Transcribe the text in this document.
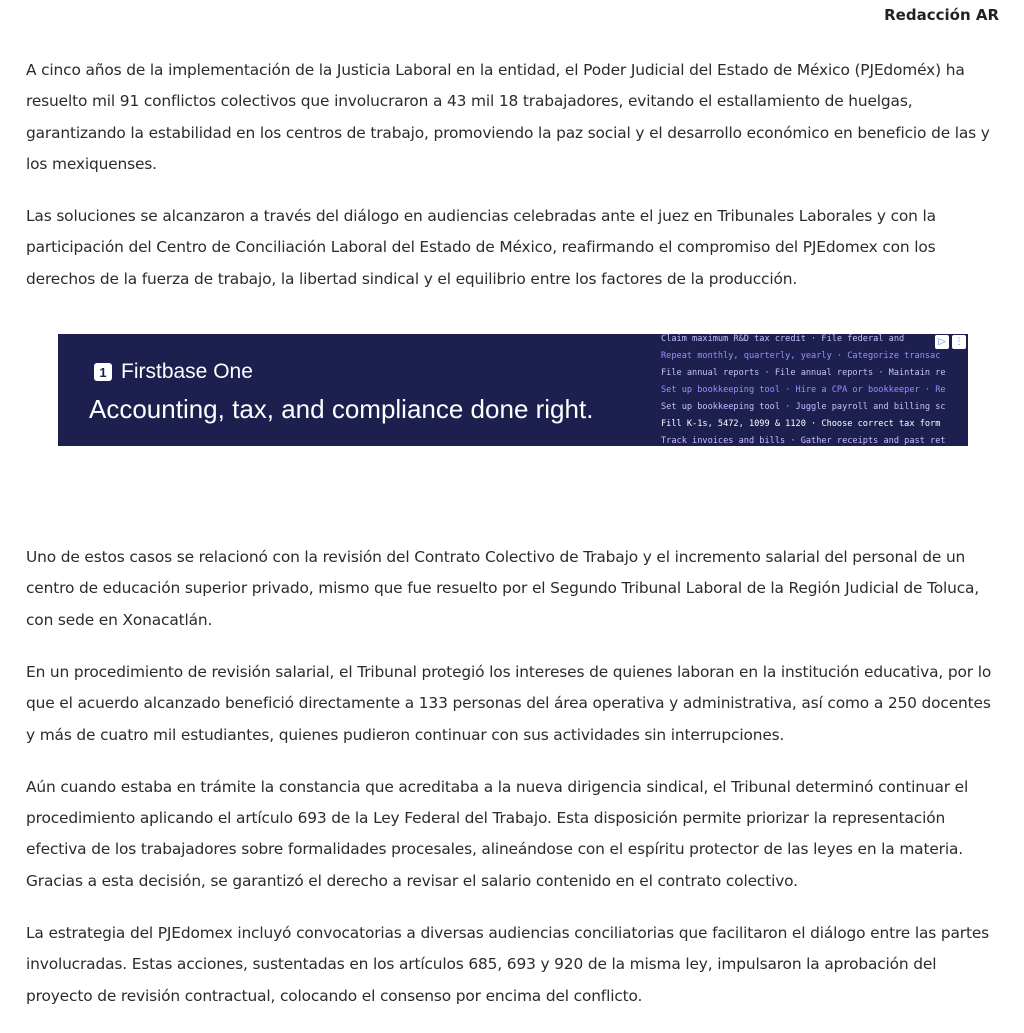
Redacción AR

A cinco años de la implementación de la Justicia Laboral en la entidad, el Poder Judicial del Estado de México (PJEdoméx) ha resuelto mil 91 conflictos colectivos que involucraron a 43 mil 18 trabajadores, evitando el estallamiento de huelgas, garantizando la estabilidad en los centros de trabajo, promoviendo la paz social y el desarrollo económico en beneficio de las y los mexiquenses.

Las soluciones se alcanzaron a través del diálogo en audiencias celebradas ante el juez en Tribunales Laborales y con la participación del Centro de Conciliación Laboral del Estado de México, reafirmando el compromiso del PJEdomex con los derechos de la fuerza de trabajo, la libertad sindical y el equilibrio entre los factores de la producción.

1 Firstbase One
Accounting, tax, and compliance done right.
Claim maximum R&D tax credit · File federal and
Repeat monthly, quarterly, yearly · Categorize transac
File annual reports · File annual reports · Maintain re
Set up bookkeeping tool · Hire a CPA or bookkeeper · Re
Set up bookkeeping tool · Juggle payroll and billing sc
Fill K-1s, 5472, 1099 & 1120 · Choose correct tax form
Track invoices and bills · Gather receipts and past ret
▷	⋮

Uno de estos casos se relacionó con la revisión del Contrato Colectivo de Trabajo y el incremento salarial del personal de un centro de educación superior privado, mismo que fue resuelto por el Segundo Tribunal Laboral de la Región Judicial de Toluca, con sede en Xonacatlán.

En un procedimiento de revisión salarial, el Tribunal protegió los intereses de quienes laboran en la institución educativa, por lo que el acuerdo alcanzado benefició directamente a 133 personas del área operativa y administrativa, así como a 250 docentes y más de cuatro mil estudiantes, quienes pudieron continuar con sus actividades sin interrupciones.

Aún cuando estaba en trámite la constancia que acreditaba a la nueva dirigencia sindical, el Tribunal determinó continuar el procedimiento aplicando el artículo 693 de la Ley Federal del Trabajo. Esta disposición permite priorizar la representación efectiva de los trabajadores sobre formalidades procesales, alineándose con el espíritu protector de las leyes en la materia. Gracias a esta decisión, se garantizó el derecho a revisar el salario contenido en el contrato colectivo.

La estrategia del PJEdomex incluyó convocatorias a diversas audiencias conciliatorias que facilitaron el diálogo entre las partes involucradas. Estas acciones, sustentadas en los artículos 685, 693 y 920 de la misma ley, impulsaron la aprobación del proyecto de revisión contractual, colocando el consenso por encima del conflicto.
